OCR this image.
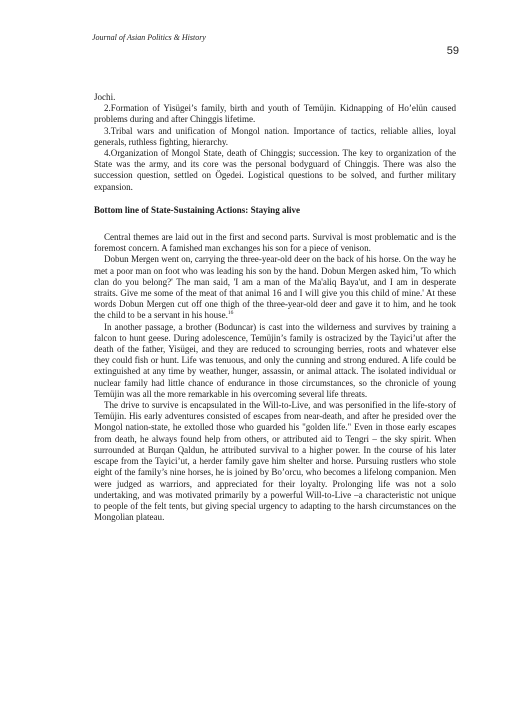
Journal of Asian Politics & History
59

Jochi.

2.Formation of Yisügei’s family, birth and youth of Temüjin. Kidnapping of Ho’elün caused problems during and after Chinggis lifetime.

3.Tribal wars and unification of Mongol nation. Importance of tactics, reliable allies, loyal generals, ruthless fighting, hierarchy.

4.Organization of Mongol State, death of Chinggis; succession. The key to organization of the State was the army, and its core was the personal bodyguard of Chinggis. There was also the succession question, settled on Ögedei. Logistical questions to be solved, and further military expansion.

Bottom line of State-Sustaining Actions: Staying alive

Central themes are laid out in the first and second parts. Survival is most problematic and is the foremost concern. A famished man exchanges his son for a piece of venison.

Dobun Mergen went on, carrying the three-year-old deer on the back of his horse. On the way he met a poor man on foot who was leading his son by the hand. Dobun Mergen asked him, 'To which clan do you belong?' The man said, 'I am a man of the Ma'aliq Baya'ut, and I am in desperate straits. Give me some of the meat of that animal 16 and I will give you this child of mine.' At these words Dobun Mergen cut off one thigh of the three-year-old deer and gave it to him, and he took the child to be a servant in his house.$^{16}$

In another passage, a brother (Boduncar) is cast into the wilderness and survives by training a falcon to hunt geese. During adolescence, Temüjin’s family is ostracized by the Tayici’ut after the death of the father, Yisügei, and they are reduced to scrounging berries, roots and whatever else they could fish or hunt. Life was tenuous, and only the cunning and strong endured. A life could be extinguished at any time by weather, hunger, assassin, or animal attack. The isolated individual or nuclear family had little chance of endurance in those circumstances, so the chronicle of young Temüjin was all the more remarkable in his overcoming several life threats.

The drive to survive is encapsulated in the Will-to-Live, and was personified in the life-story of Temüjin. His early adventures consisted of escapes from near-death, and after he presided over the Mongol nation-state, he extolled those who guarded his "golden life." Even in those early escapes from death, he always found help from others, or attributed aid to Tengri – the sky spirit. When surrounded at Burqan Qaldun, he attributed survival to a higher power. In the course of his later escape from the Tayici’ut, a herder family gave him shelter and horse. Pursuing rustlers who stole eight of the family’s nine horses, he is joined by Bo’orcu, who becomes a lifelong companion. Men were judged as warriors, and appreciated for their loyalty. Prolonging life was not a solo undertaking, and was motivated primarily by a powerful Will-to-Live –a characteristic not unique to people of the felt tents, but giving special urgency to adapting to the harsh circumstances on the Mongolian plateau.
